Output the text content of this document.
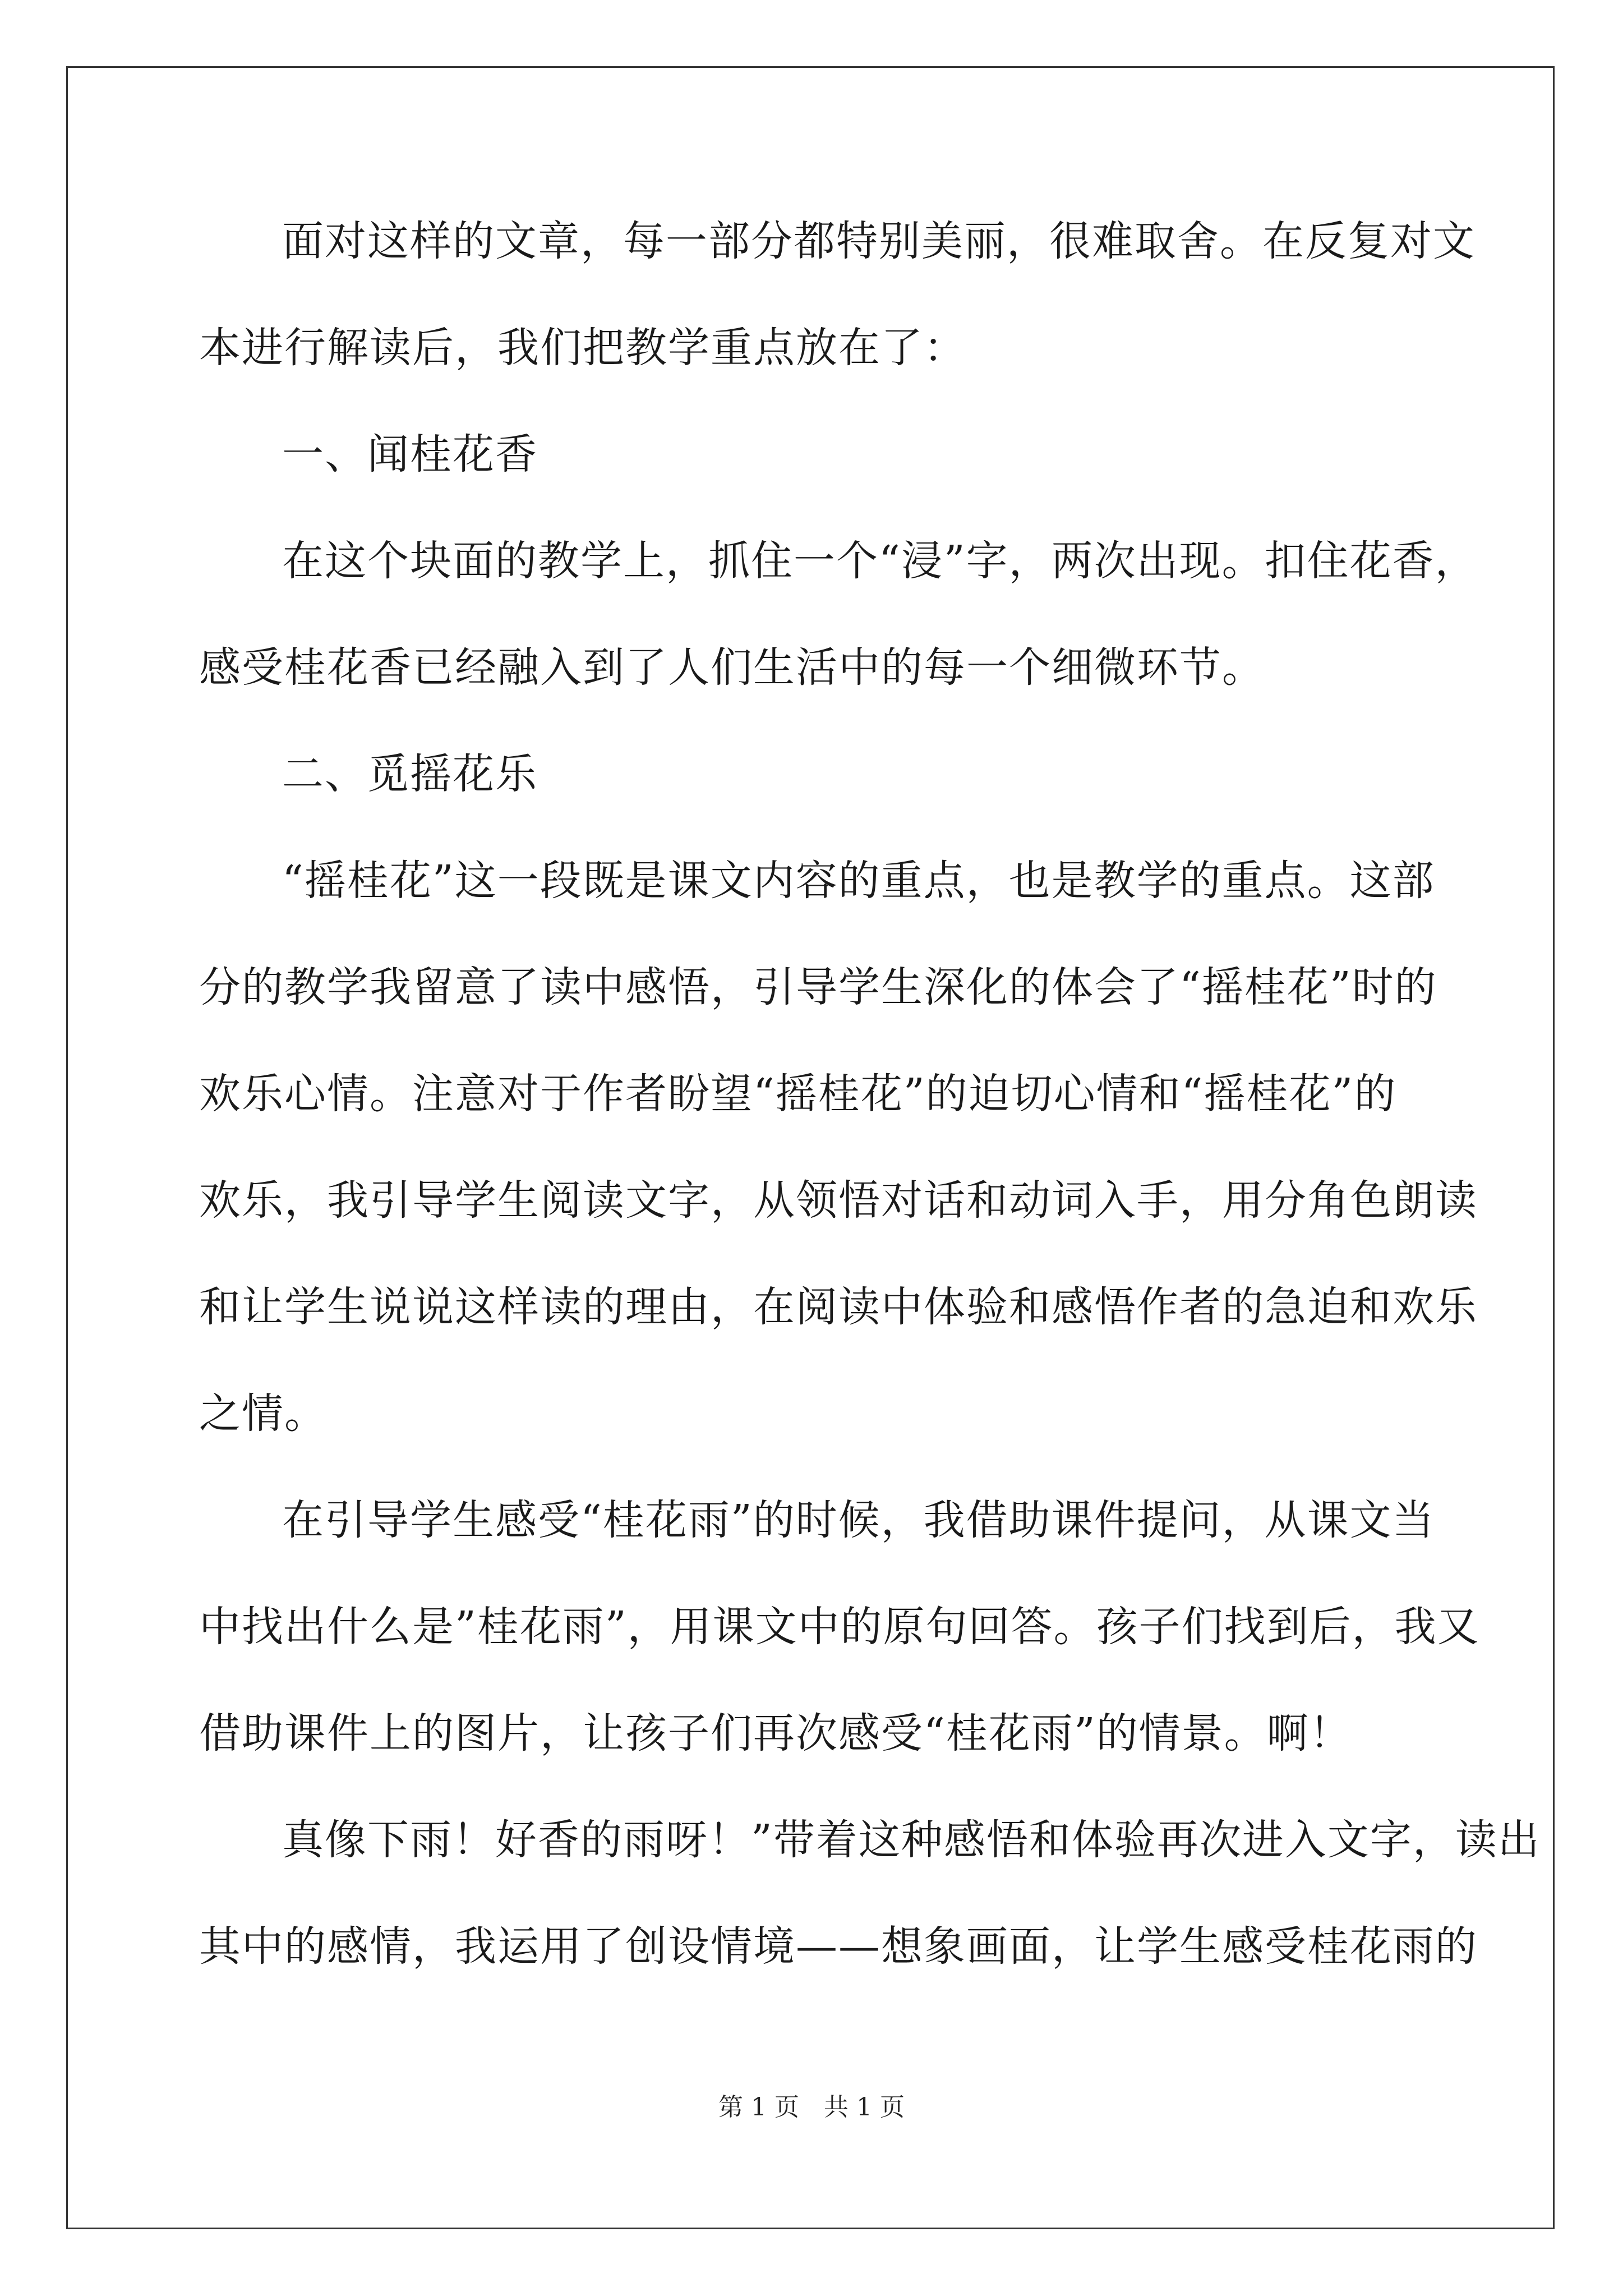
面对这样的文章，每一部分都特别美丽，很难取舍。在反复对文
本进行解读后，我们把教学重点放在了：
一、闻桂花香
在这个块面的教学上，抓住一个“浸”字，两次出现。扣住花香，
感受桂花香已经融入到了人们生活中的每一个细微环节。
二、觅摇花乐
“摇桂花”这一段既是课文内容的重点，也是教学的重点。这部
分的教学我留意了读中感悟，引导学生深化的体会了“摇桂花”时的
欢乐心情。注意对于作者盼望“摇桂花”的迫切心情和“摇桂花”的
欢乐，我引导学生阅读文字，从领悟对话和动词入手，用分角色朗读
和让学生说说这样读的理由，在阅读中体验和感悟作者的急迫和欢乐
之情。
在引导学生感受“桂花雨”的时候，我借助课件提问，从课文当
中找出什么是”桂花雨”，用课文中的原句回答。孩子们找到后，我又
借助课件上的图片，让孩子们再次感受“桂花雨”的情景。啊！
真像下雨！好香的雨呀！”带着这种感悟和体验再次进入文字，读出
其中的感情，我运用了创设情境——想象画面，让学生感受桂花雨的
第 1 页　共 1 页
